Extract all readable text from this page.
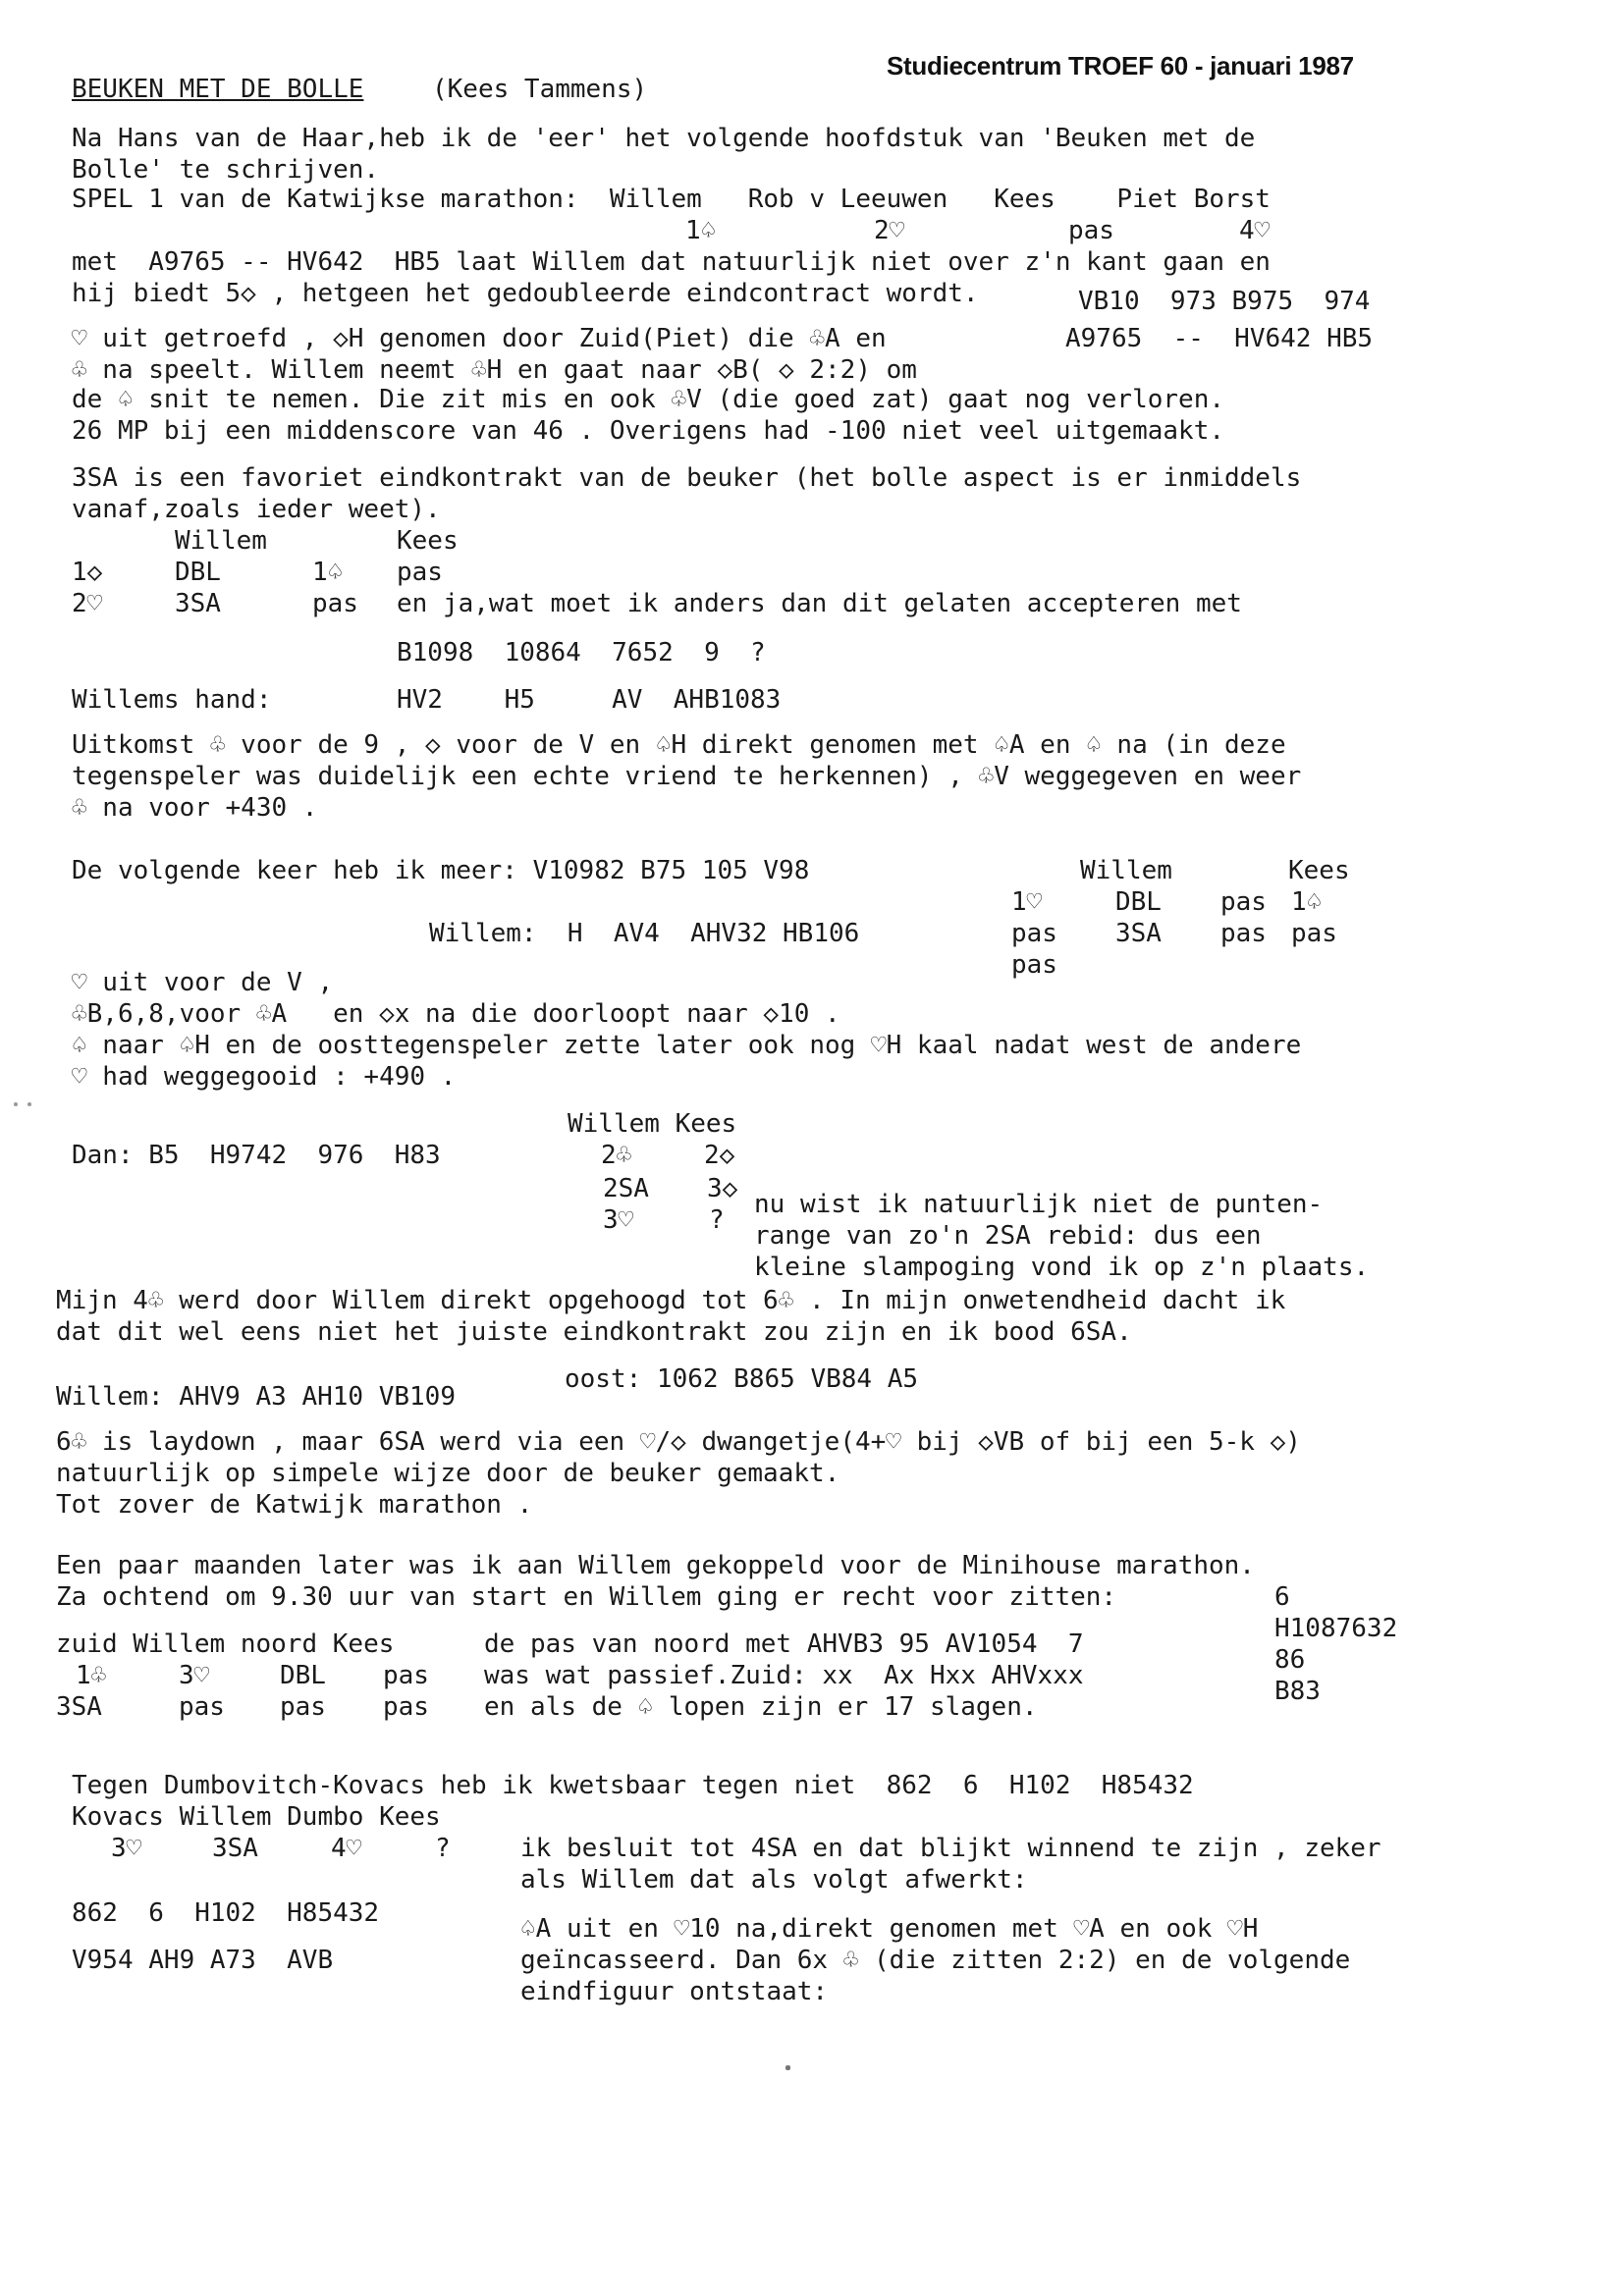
Studiecentrum TROEF 60 - januari 1987
BEUKEN MET DE BOLLE	(Kees Tammens)
Na Hans van de Haar,heb ik de 'eer' het volgende hoofdstuk van 'Beuken met de
Bolle' te schrijven.
SPEL 1 van de Katwijkse marathon:  Willem   Rob v Leeuwen   Kees    Piet Borst
1♤	2♡	pas	4♡
met  A9765 -- HV642  HB5 laat Willem dat natuurlijk niet over z'n kant gaan en
hij biedt 5◇ , hetgeen het gedoubleerde eindcontract wordt.	VB10  973 B975  974
♡ uit getroefd , ◇H genomen door Zuid(Piet) die ♧A en	A9765  --  HV642 HB5
♧ na speelt. Willem neemt ♧H en gaat naar ◇B( ◇ 2:2) om
de ♤ snit te nemen. Die zit mis en ook ♧V (die goed zat) gaat nog verloren.
26 MP bij een middenscore van 46 . Overigens had -100 niet veel uitgemaakt.
3SA is een favoriet eindkontrakt van de beuker (het bolle aspect is er inmiddels
vanaf,zoals ieder weet).
Willem	Kees
1◇	DBL	1♤ pas
2♡	3SA	pas en ja,wat moet ik anders dan dit gelaten accepteren met
B1098  10864  7652  9  ?
Willems hand:	HV2    H5     AV  AHB1083
Uitkomst ♧ voor de 9 , ◇ voor de V en ♤H direkt genomen met ♤A en ♤ na (in deze
tegenspeler was duidelijk een echte vriend te herkennen) , ♧V weggegeven en weer
♧ na voor +430 .
De volgende keer heb ik meer: V10982 B75 105 V98	Willem	Kees
1♡	DBL pas 1♤
Willem:  H  AV4  AHV32 HB106	pas 3SA pas pas
pas
♡ uit voor de V ,
♧B,6,8,voor ♧A   en ◇x na die doorloopt naar ◇10 .
♤ naar ♤H en de oosttegenspeler zette later ook nog ♡H kaal nadat west de andere
♡ had weggegooid : +490 .
Willem Kees
Dan: B5  H9742  976  H83	2♧	2◇
2SA 3◇
3♡	?
nu wist ik natuurlijk niet de punten-
range van zo'n 2SA rebid: dus een
kleine slampoging vond ik op z'n plaats.
Mijn 4♧ werd door Willem direkt opgehoogd tot 6♧ . In mijn onwetendheid dacht ik
dat dit wel eens niet het juiste eindkontrakt zou zijn en ik bood 6SA.
oost: 1062 B865 VB84 A5
Willem: AHV9 A3 AH10 VB109
6♧ is laydown , maar 6SA werd via een ♡/◇ dwangetje(4+♡ bij ◇VB of bij een 5-k ◇)
natuurlijk op simpele wijze door de beuker gemaakt.
Tot zover de Katwijk marathon .
Een paar maanden later was ik aan Willem gekoppeld voor de Minihouse marathon.
Za ochtend om 9.30 uur van start en Willem ging er recht voor zitten:	6
H1087632
zuid Willem noord Kees	de pas van noord met AHVB3 95 AV1054  7
86
1♧	3♡	DBL pas was wat passief.Zuid: xx  Ax Hxx AHVxxx
B83
3SA	pas pas pas en als de ♤ lopen zijn er 17 slagen.
Tegen Dumbovitch-Kovacs heb ik kwetsbaar tegen niet  862  6  H102  H85432
Kovacs Willem Dumbo Kees
3♡	3SA	4♡	?	ik besluit tot 4SA en dat blijkt winnend te zijn , zeker
als Willem dat als volgt afwerkt:
862  6  H102  H85432
♤A uit en ♡10 na,direkt genomen met ♡A en ook ♡H
V954 AH9 A73  AVB	geïncasseerd. Dan 6x ♧ (die zitten 2:2) en de volgende
eindfiguur ontstaat:
